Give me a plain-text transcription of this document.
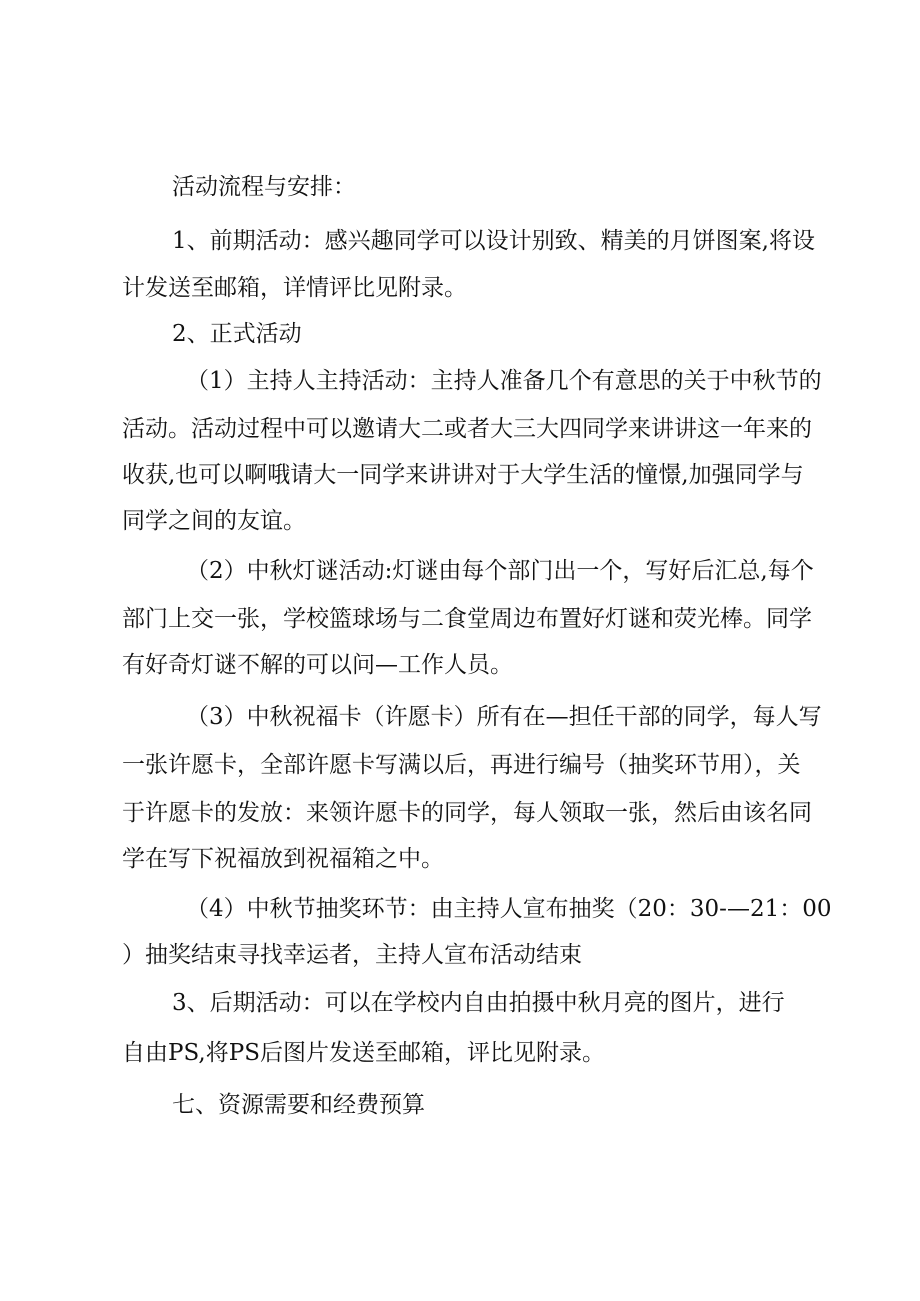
活动流程与安排：
1、前期活动：感兴趣同学可以设计别致、精美的月饼图案,将设
计发送至邮箱，详情评比见附录。
2、正式活动
（1）主持人主持活动：主持人准备几个有意思的关于中秋节的
活动。活动过程中可以邀请大二或者大三大四同学来讲讲这一年来的
收获,也可以啊哦请大一同学来讲讲对于大学生活的憧憬,加强同学与
同学之间的友谊。
（2）中秋灯谜活动:灯谜由每个部门出一个，写好后汇总,每个
部门上交一张，学校篮球场与二食堂周边布置好灯谜和荧光棒。同学
有好奇灯谜不解的可以问—工作人员。
（3）中秋祝福卡（许愿卡）所有在—担任干部的同学，每人写
一张许愿卡，全部许愿卡写满以后，再进行编号（抽奖环节用），关
于许愿卡的发放：来领许愿卡的同学，每人领取一张，然后由该名同
学在写下祝福放到祝福箱之中。
（4）中秋节抽奖环节：由主持人宣布抽奖（20：30-—21：00
）抽奖结束寻找幸运者，主持人宣布活动结束
3、后期活动：可以在学校内自由拍摄中秋月亮的图片，进行
自由PS,将PS后图片发送至邮箱，评比见附录。
七、资源需要和经费预算
